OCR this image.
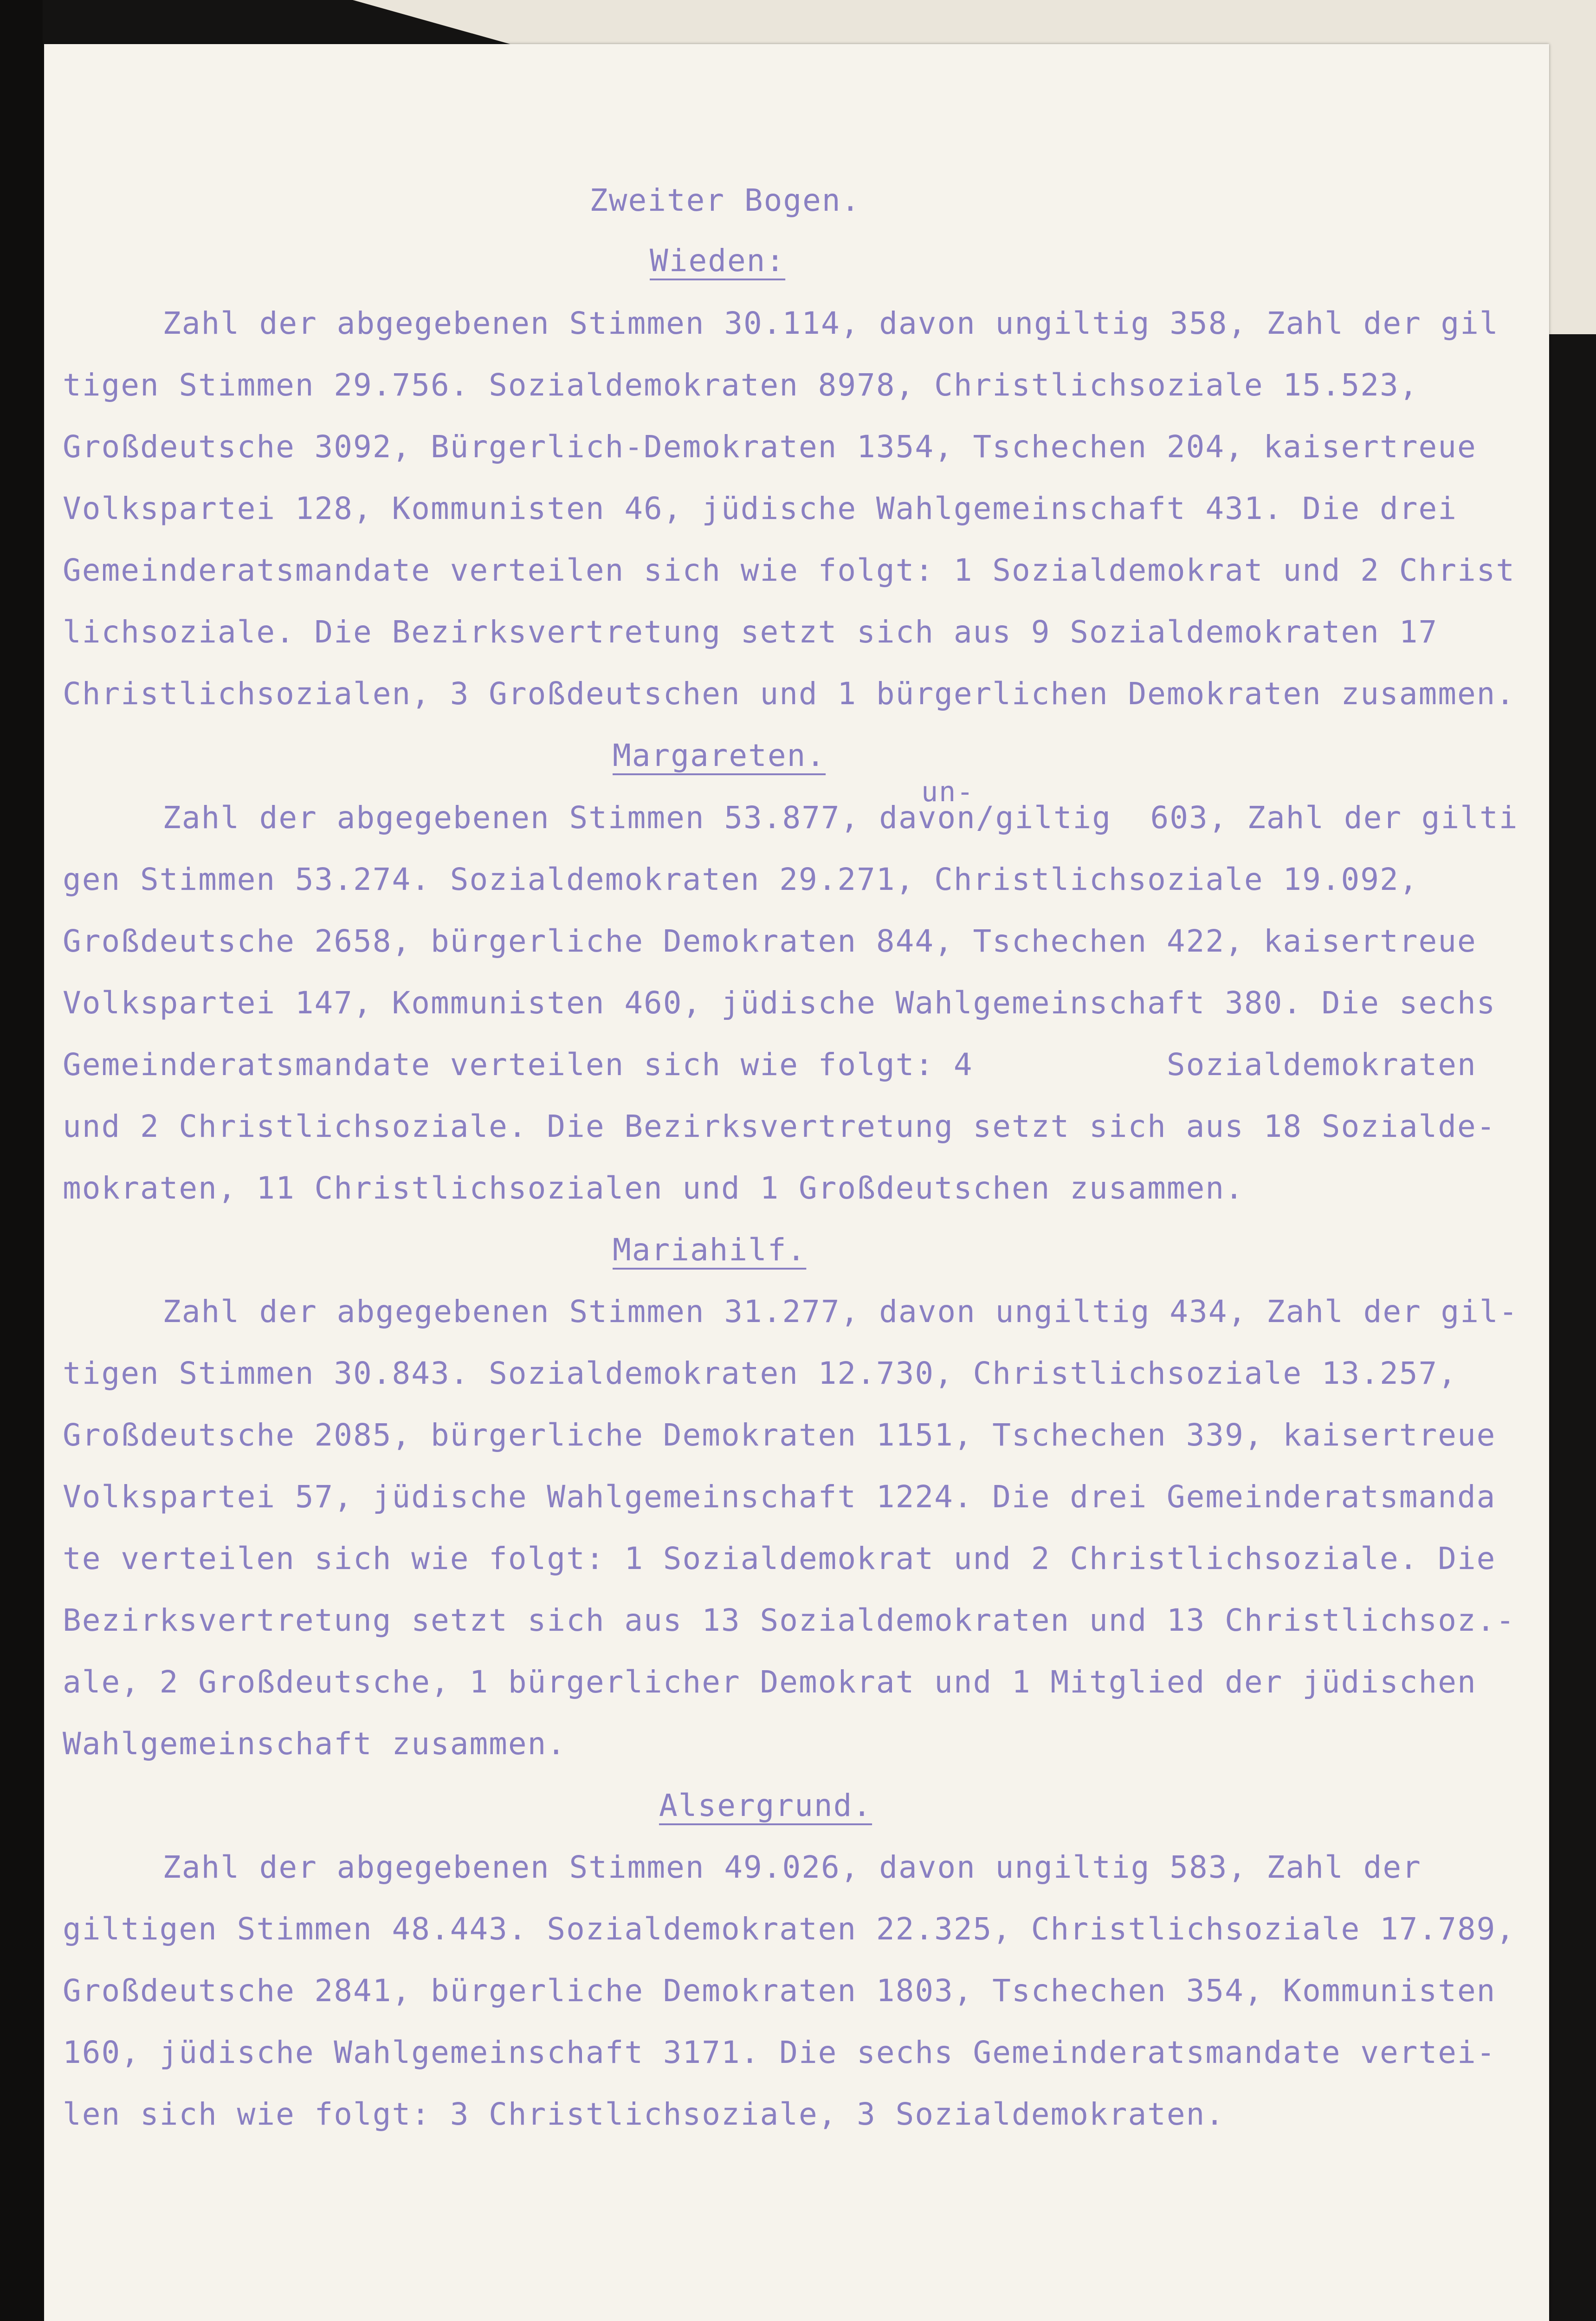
Zweiter Bogen.

Wieden:

Zahl der abgegebenen Stimmen 30.114, davon ungiltig 358, Zahl der gil

tigen Stimmen 29.756. Sozialdemokraten 8978, Christlichsoziale 15.523,

Großdeutsche 3092, Bürgerlich-Demokraten 1354, Tschechen 204, kaisertreue

Volkspartei 128, Kommunisten 46, jüdische Wahlgemeinschaft 431. Die drei

Gemeinderatsmandate verteilen sich wie folgt: 1 Sozialdemokrat und 2 Christ

lichsoziale. Die Bezirksvertretung setzt sich aus 9 Sozialdemokraten 17

Christlichsozialen, 3 Großdeutschen und 1 bürgerlichen Demokraten zusammen.

Margareten.

un-

Zahl der abgegebenen Stimmen 53.877, davon/giltig  603, Zahl der gilti

gen Stimmen 53.274. Sozialdemokraten 29.271, Christlichsoziale 19.092,

Großdeutsche 2658, bürgerliche Demokraten 844, Tschechen 422, kaisertreue

Volkspartei 147, Kommunisten 460, jüdische Wahlgemeinschaft 380. Die sechs

Gemeinderatsmandate verteilen sich wie folgt: 4          Sozialdemokraten

und 2 Christlichsoziale. Die Bezirksvertretung setzt sich aus 18 Sozialde-

mokraten, 11 Christlichsozialen und 1 Großdeutschen zusammen.

Mariahilf.

Zahl der abgegebenen Stimmen 31.277, davon ungiltig 434, Zahl der gil-

tigen Stimmen 30.843. Sozialdemokraten 12.730, Christlichsoziale 13.257,

Großdeutsche 2085, bürgerliche Demokraten 1151, Tschechen 339, kaisertreue

Volkspartei 57, jüdische Wahlgemeinschaft 1224. Die drei Gemeinderatsmanda

te verteilen sich wie folgt: 1 Sozialdemokrat und 2 Christlichsoziale. Die

Bezirksvertretung setzt sich aus 13 Sozialdemokraten und 13 Christlichsoz.-

ale, 2 Großdeutsche, 1 bürgerlicher Demokrat und 1 Mitglied der jüdischen

Wahlgemeinschaft zusammen.

Alsergrund.

Zahl der abgegebenen Stimmen 49.026, davon ungiltig 583, Zahl der

giltigen Stimmen 48.443. Sozialdemokraten 22.325, Christlichsoziale 17.789,

Großdeutsche 2841, bürgerliche Demokraten 1803, Tschechen 354, Kommunisten

160, jüdische Wahlgemeinschaft 3171. Die sechs Gemeinderatsmandate vertei-

len sich wie folgt: 3 Christlichsoziale, 3 Sozialdemokraten.
